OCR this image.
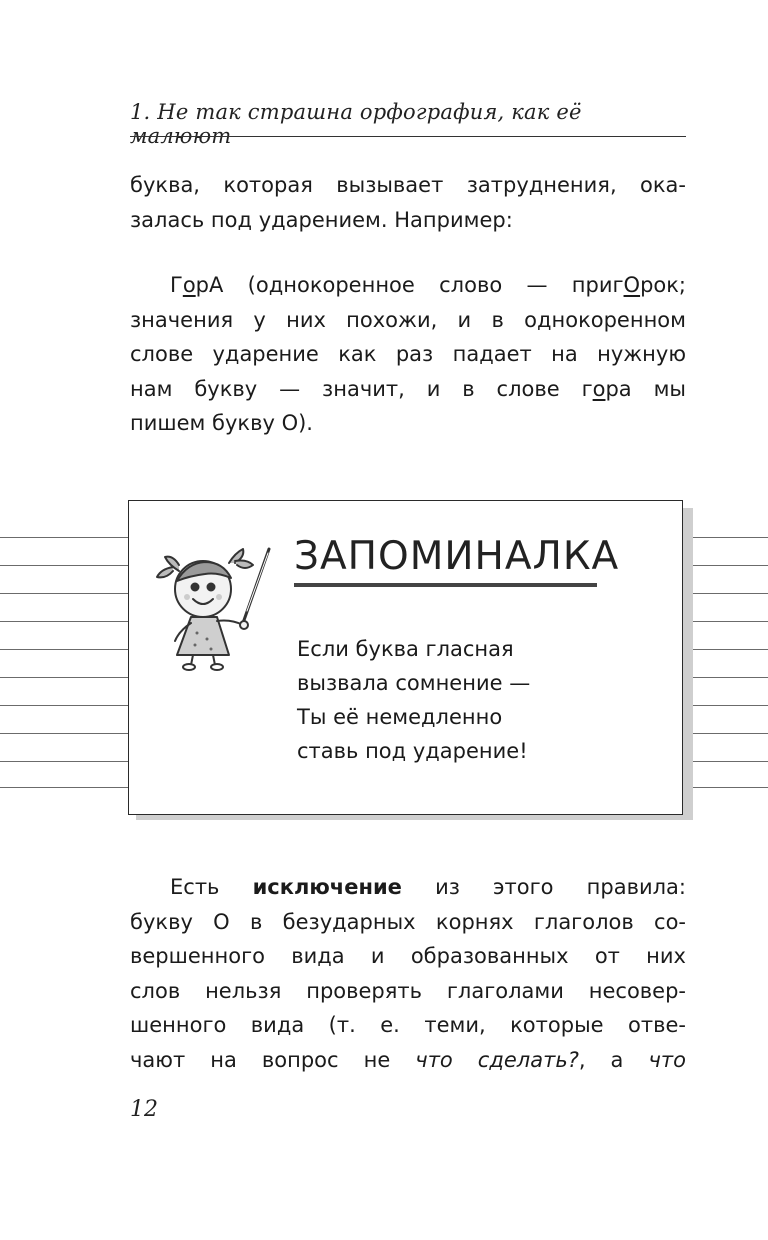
1. Не так страшна орфография, как её малюют
буква, которая вызывает затруднения, ока-
залась под ударением. Например:
ГорА (однокоренное слово — пригОрок;
значения у них похожи, и в однокоренном
слове ударение как раз падает на нужную
нам букву — значит, и в слове гора мы
пишем букву О).
ЗАПОМИНАЛКА
Если буква гласная
вызвала сомнение —
Ты её немедленно
ставь под ударение!
Есть исключение из этого правила:
букву О в безударных корнях глаголов со-
вершенного вида и образованных от них
слов нельзя проверять глаголами несовер-
шенного вида (т. е. теми, которые отве-
чают на вопрос не что сделать?, а что
12
